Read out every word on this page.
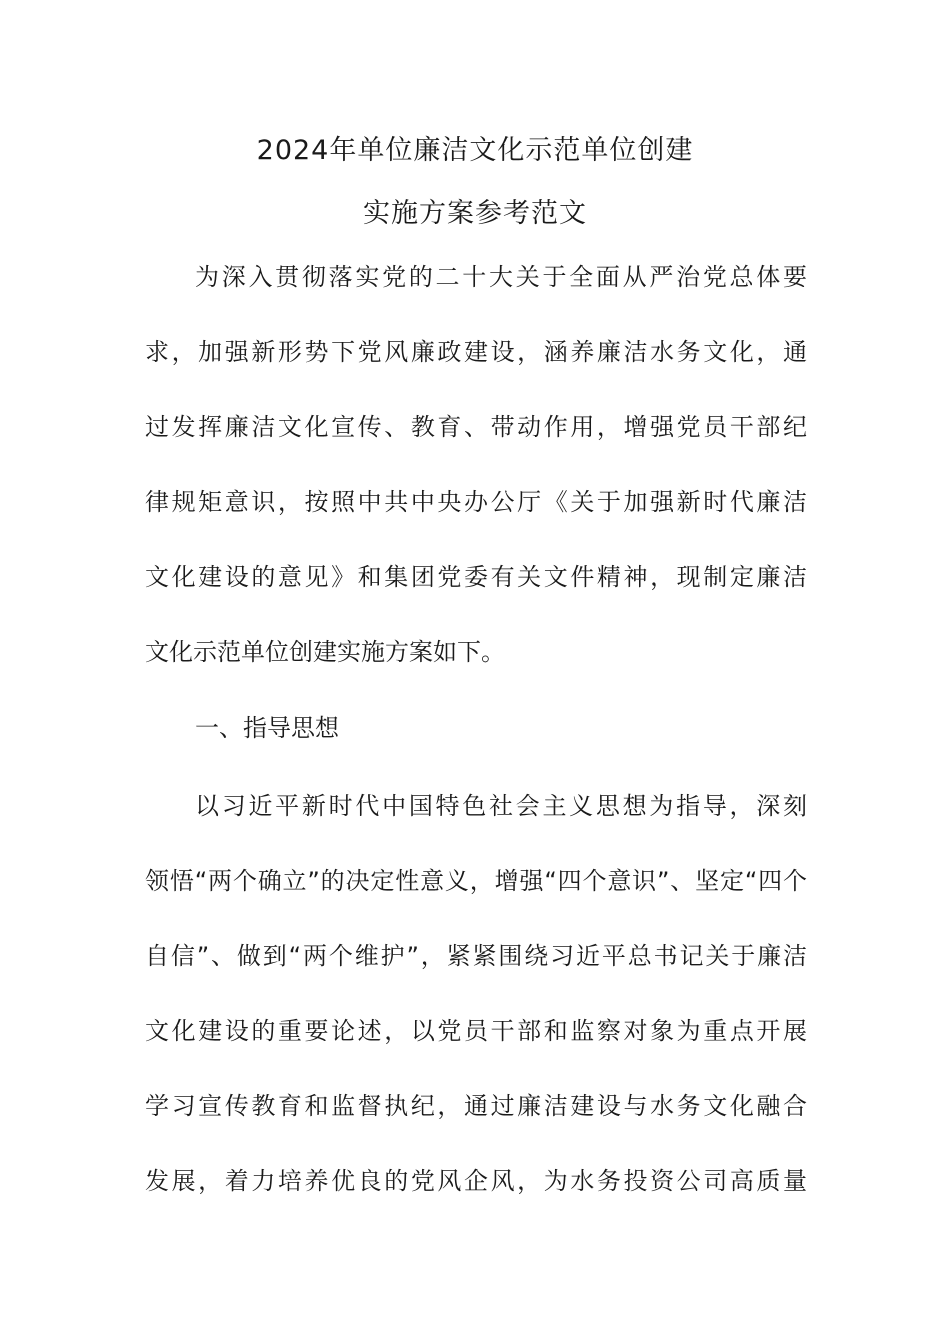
2024年单位廉洁文化示范单位创建
实施方案参考范文
为深入贯彻落实党的二十大关于全面从严治党总体要
求，加强新形势下党风廉政建设，涵养廉洁水务文化，通
过发挥廉洁文化宣传、教育、带动作用，增强党员干部纪
律规矩意识，按照中共中央办公厅《关于加强新时代廉洁
文化建设的意见》和集团党委有关文件精神，现制定廉洁
文化示范单位创建实施方案如下。
一、指导思想
以习近平新时代中国特色社会主义思想为指导，深刻
领悟“两个确立”的决定性意义，增强“四个意识”、坚定“四个
自信”、做到“两个维护”，紧紧围绕习近平总书记关于廉洁
文化建设的重要论述，以党员干部和监察对象为重点开展
学习宣传教育和监督执纪，通过廉洁建设与水务文化融合
发展，着力培养优良的党风企风，为水务投资公司高质量
